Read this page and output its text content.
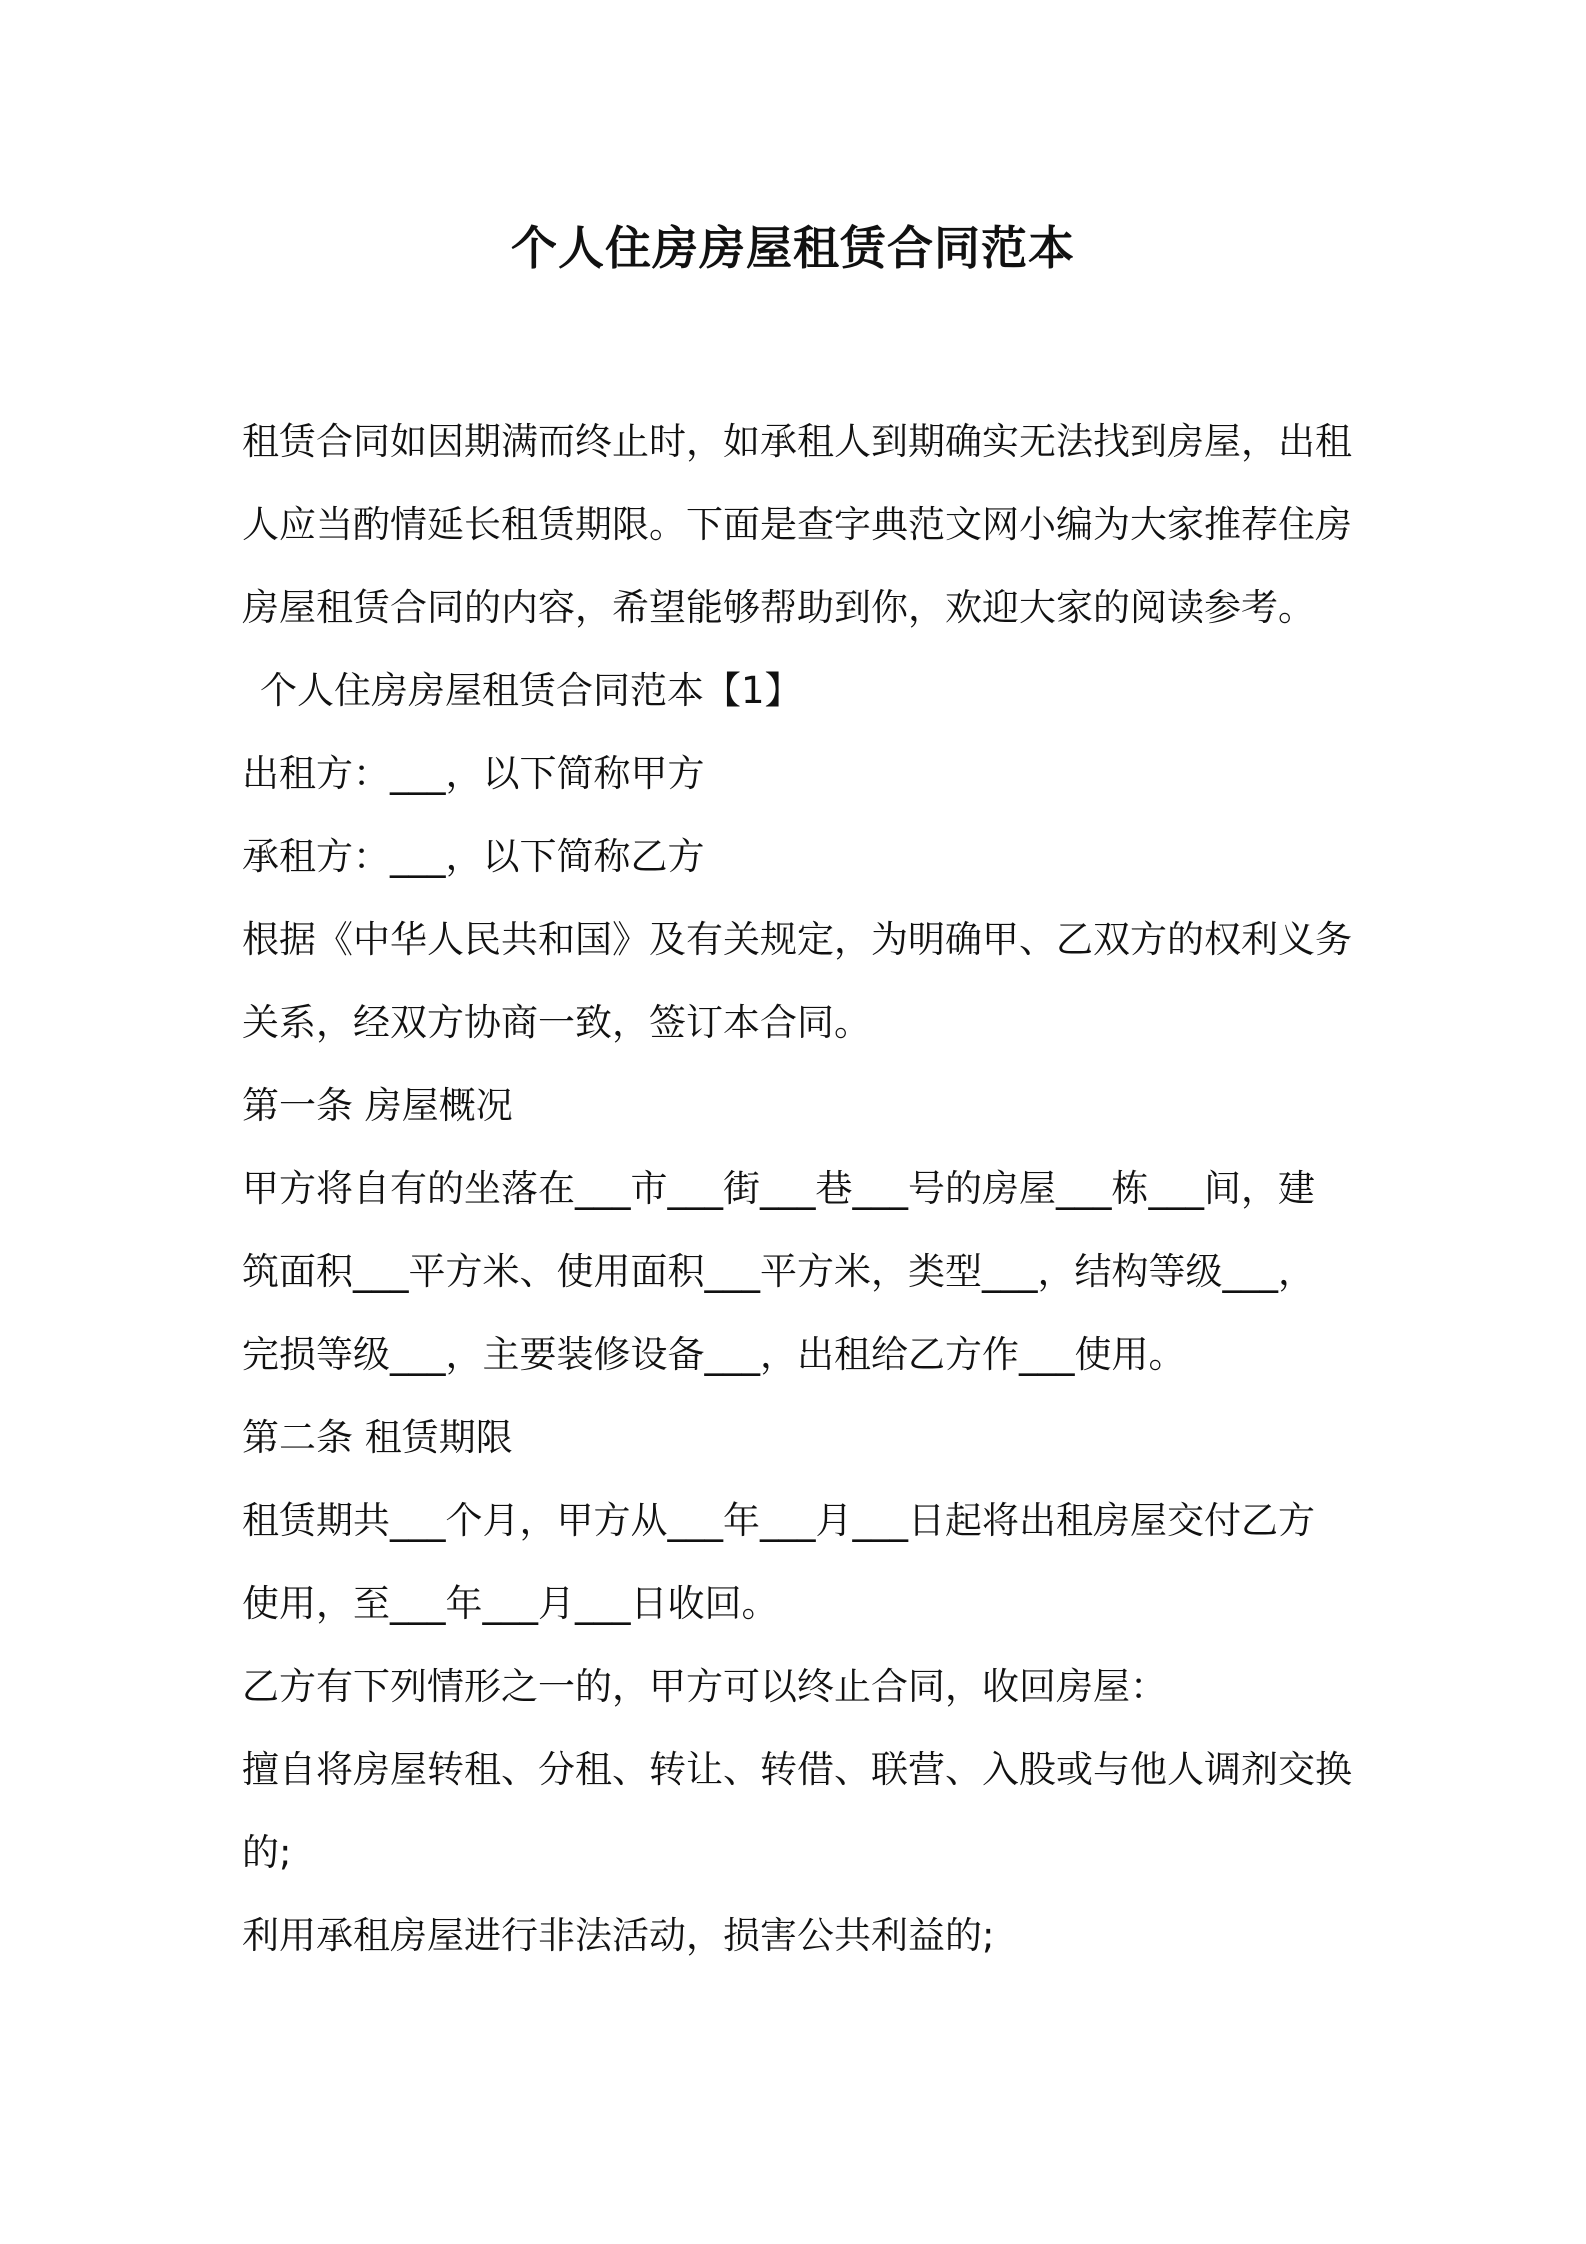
个人住房房屋租赁合同范本
租赁合同如因期满而终止时，如承租人到期确实无法找到房屋，出租
人应当酌情延长租赁期限。下面是查字典范文网小编为大家推荐住房
房屋租赁合同的内容，希望能够帮助到你，欢迎大家的阅读参考。
个人住房房屋租赁合同范本【1】
出租方：___，以下简称甲方
承租方：___，以下简称乙方
根据《中华人民共和国》及有关规定，为明确甲、乙双方的权利义务
关系，经双方协商一致，签订本合同。
第一条 房屋概况
甲方将自有的坐落在___市___街___巷___号的房屋___栋___间，建
筑面积___平方米、使用面积___平方米，类型___，结构等级___，
完损等级___，主要装修设备___，出租给乙方作___使用。
第二条 租赁期限
租赁期共___个月，甲方从___年___月___日起将出租房屋交付乙方
使用，至___年___月___日收回。
乙方有下列情形之一的，甲方可以终止合同，收回房屋：
擅自将房屋转租、分租、转让、转借、联营、入股或与他人调剂交换
的;
利用承租房屋进行非法活动，损害公共利益的;
